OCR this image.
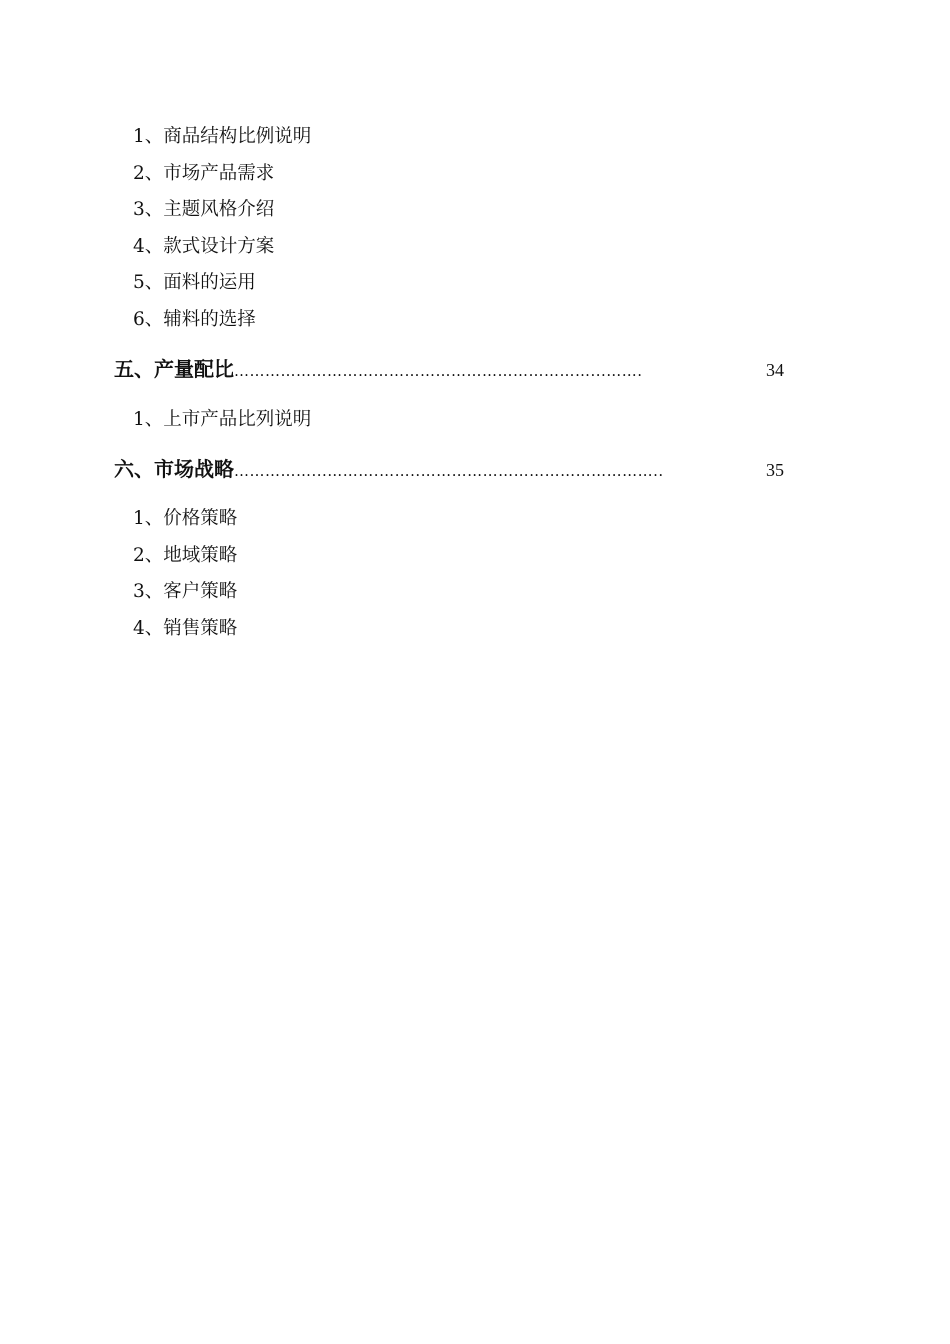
1、商品结构比例说明
2、市场产品需求
3、主题风格介绍
4、款式设计方案
5、面料的运用
6、辅料的选择
五、产量配比 ……………………………………………………………...…….	34
1、上市产品比列说明
六、市场战略 ……………...……….……..………………………………………..	35
1、价格策略
2、地域策略
3、客户策略
4、销售策略
